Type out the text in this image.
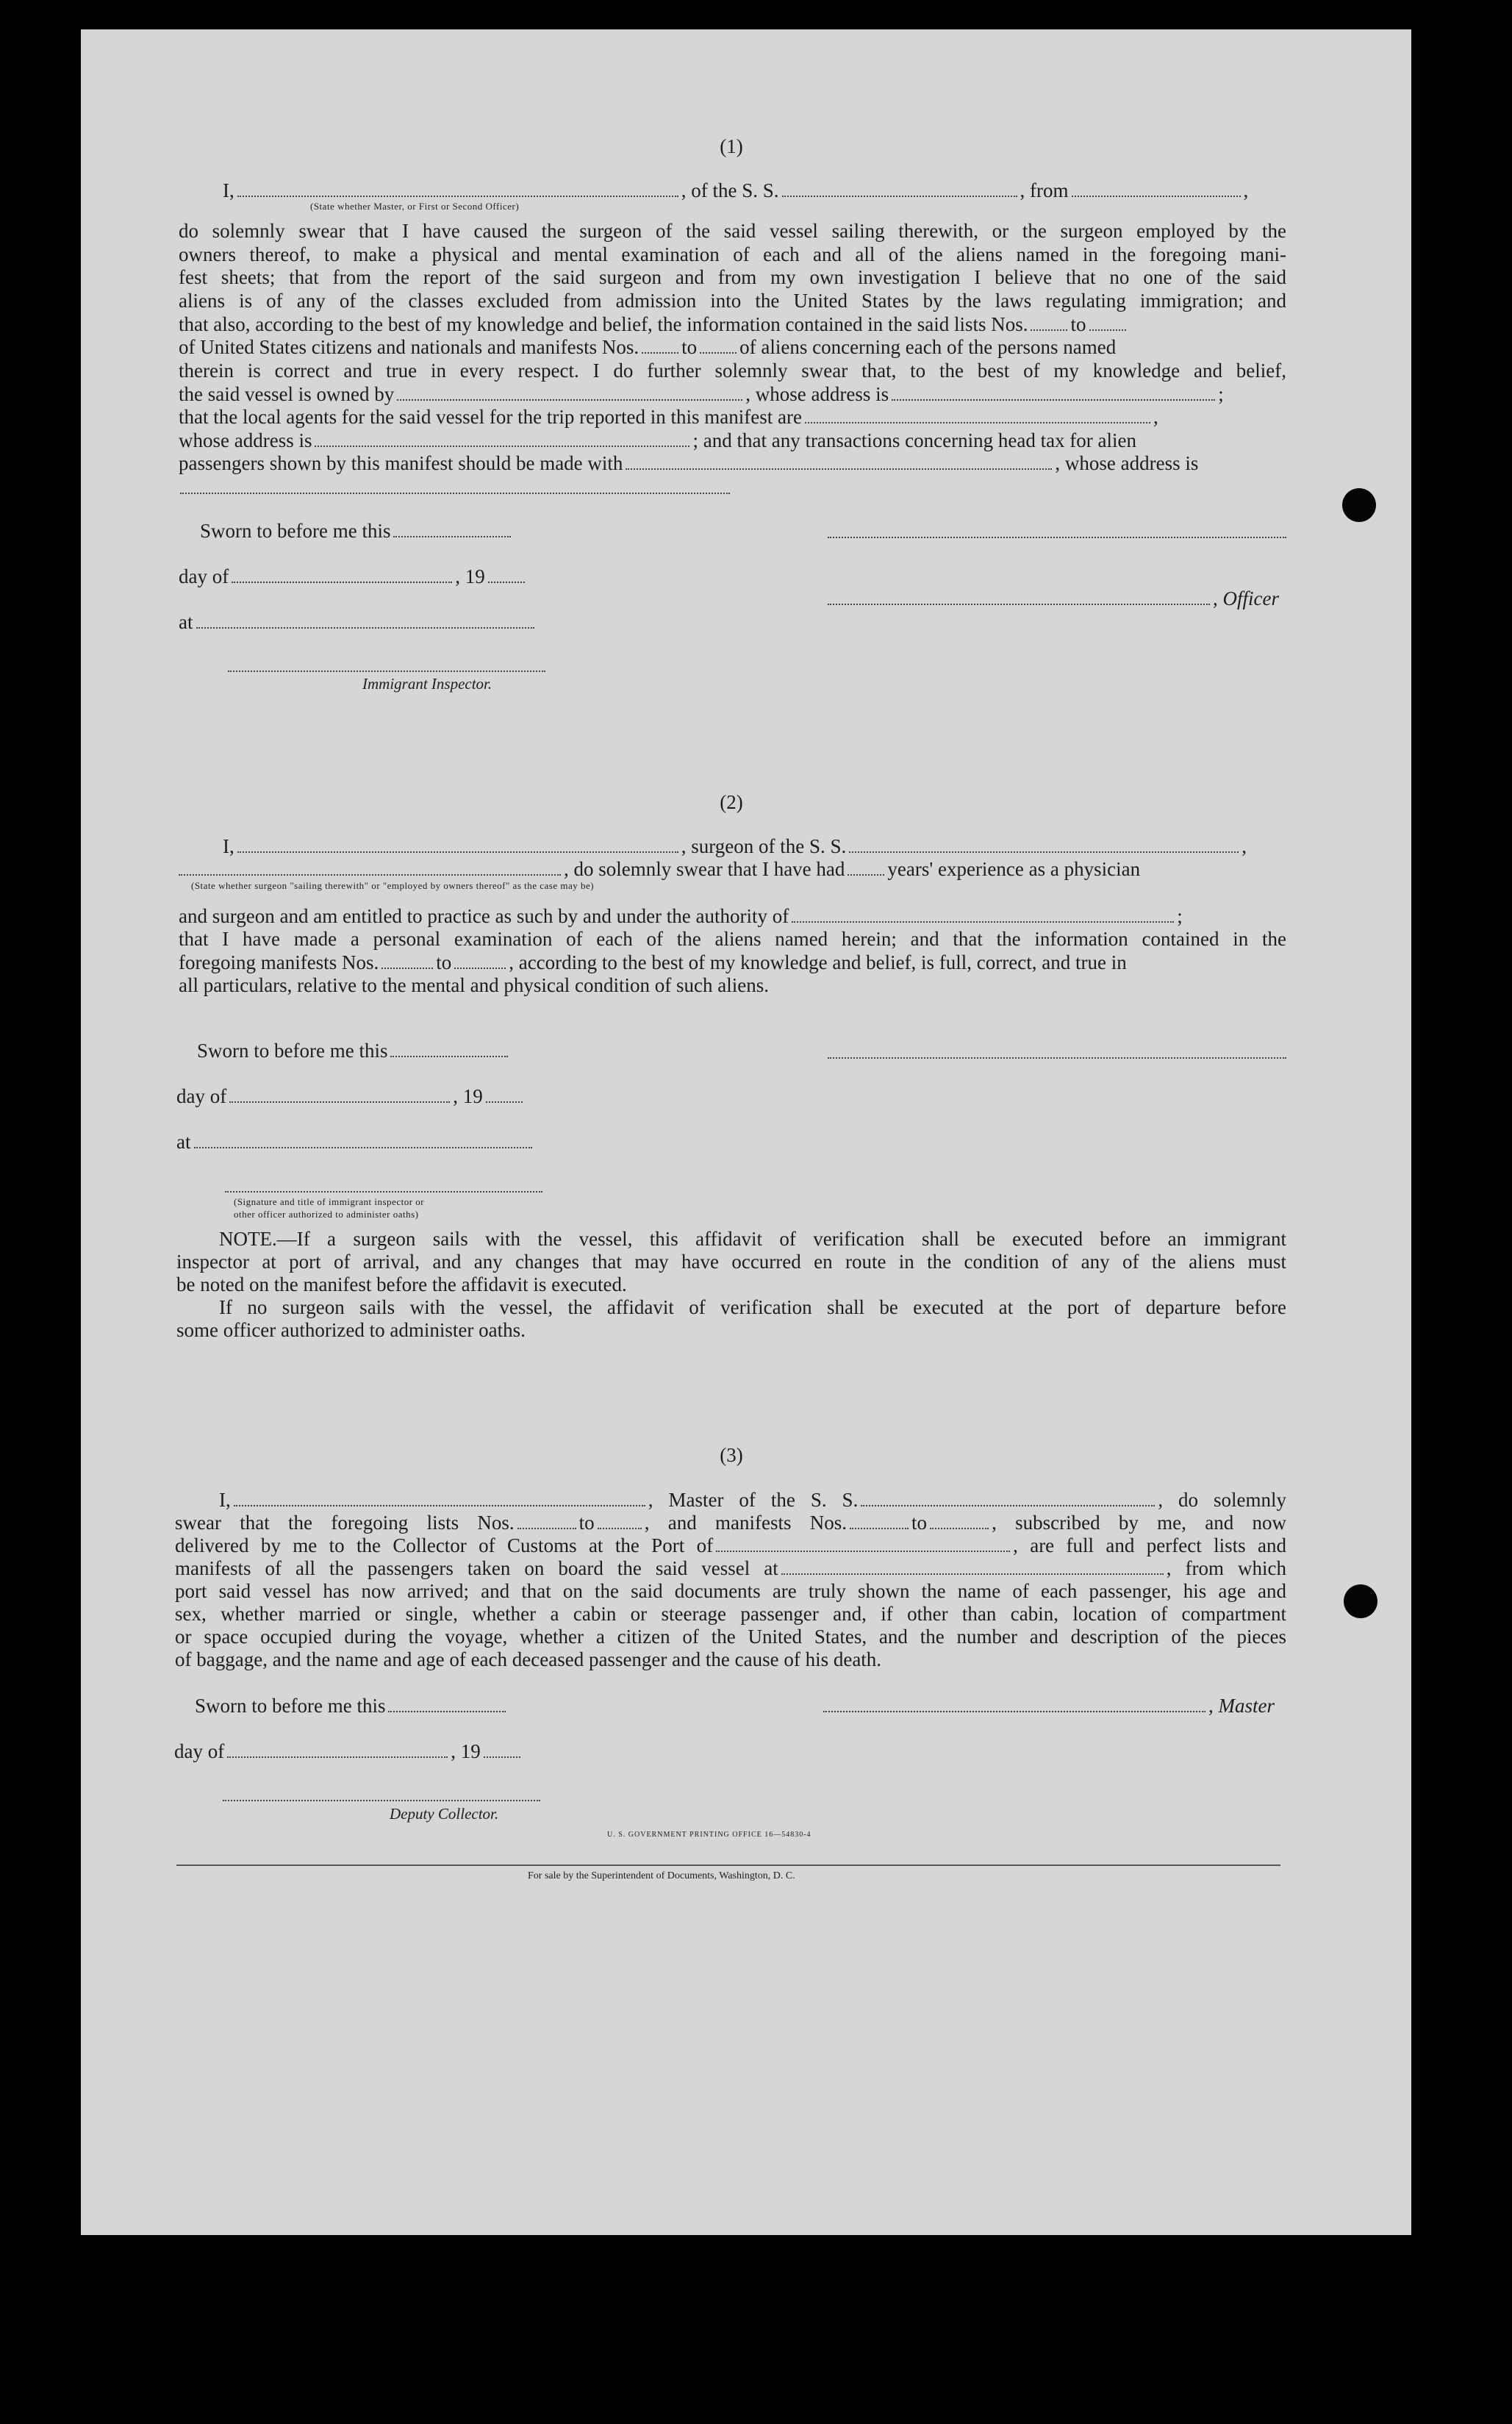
(1)
I,	, of the S. S.	, from	,
(State whether Master, or First or Second Officer)
do solemnly swear that I have caused the surgeon of the said vessel sailing therewith, or the surgeon employed by the
owners thereof, to make a physical and mental examination of each and all of the aliens named in the foregoing mani-
fest sheets; that from the report of the said surgeon and from my own investigation I believe that no one of the said
aliens is of any of the classes excluded from admission into the United States by the laws regulating immigration; and
that also, according to the best of my knowledge and belief, the information contained in the said lists Nos. to
of United States citizens and nationals and manifests Nos. to of aliens concerning each of the persons named
therein is correct and true in every respect. I do further solemnly swear that, to the best of my knowledge and belief,
the said vessel is owned by	, whose address is	;
that the local agents for the said vessel for the trip reported in this manifest are	,
whose address is	; and that any transactions concerning head tax for alien
passengers shown by this manifest should be made with	, whose address is
Sworn to before me this
day of	, 19
, Officer
at
Immigrant Inspector.
(2)
I,	, surgeon of the S. S.	,
, do solemnly swear that I have had years' experience as a physician
(State whether surgeon "sailing therewith" or "employed by owners thereof" as the case may be)
and surgeon and am entitled to practice as such by and under the authority of	;
that I have made a personal examination of each of the aliens named herein; and that the information contained in the
foregoing manifests Nos.	to	, according to the best of my knowledge and belief, is full, correct, and true in
all particulars, relative to the mental and physical condition of such aliens.
Sworn to before me this
day of	, 19
at
(Signature and title of immigrant inspector or
other officer authorized to administer oaths)
NOTE.—If a surgeon sails with the vessel, this affidavit of verification shall be executed before an immigrant
inspector at port of arrival, and any changes that may have occurred en route in the condition of any of the aliens must
be noted on the manifest before the affidavit is executed.
If no surgeon sails with the vessel, the affidavit of verification shall be executed at the port of departure before
some officer authorized to administer oaths.
(3)
I,	, Master of the S. S.	, do solemnly
swear that the foregoing lists Nos.	to	, and manifests Nos.	to	, subscribed by me, and now
delivered by me to the Collector of Customs at the Port of	, are full and perfect lists and
manifests of all the passengers taken on board the said vessel at	, from which
port said vessel has now arrived; and that on the said documents are truly shown the name of each passenger, his age and
sex, whether married or single, whether a cabin or steerage passenger and, if other than cabin, location of compartment
or space occupied during the voyage, whether a citizen of the United States, and the number and description of the pieces
of baggage, and the name and age of each deceased passenger and the cause of his death.
Sworn to before me this	, Master
day of	, 19
Deputy Collector.
U. S. GOVERNMENT PRINTING OFFICE 16—54830-4
For sale by the Superintendent of Documents, Washington, D. C.
